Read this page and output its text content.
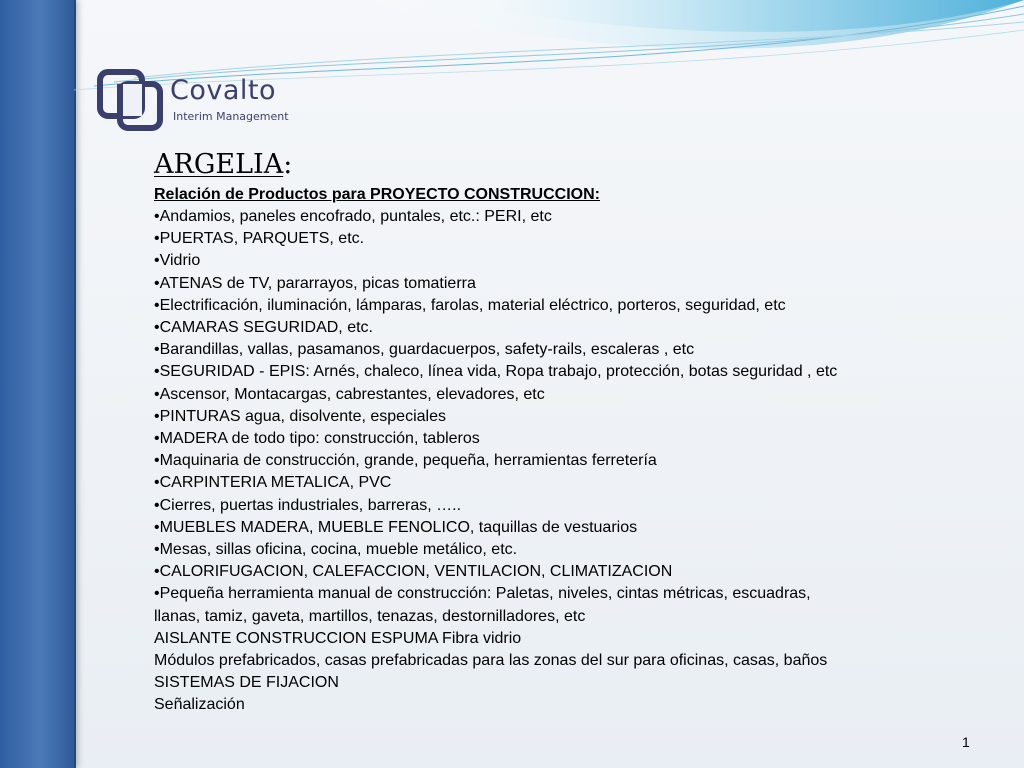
Covalto
Interim Management
ARGELIA:
Relación de Productos para PROYECTO CONSTRUCCION:
•Andamios, paneles encofrado, puntales, etc.: PERI, etc
•PUERTAS, PARQUETS, etc.
•Vidrio
•ATENAS de TV, pararrayos, picas tomatierra
•Electrificación, iluminación, lámparas, farolas, material eléctrico, porteros, seguridad, etc
•CAMARAS SEGURIDAD, etc.
•Barandillas, vallas, pasamanos, guardacuerpos, safety-rails, escaleras , etc
•SEGURIDAD - EPIS: Arnés, chaleco, línea vida, Ropa trabajo, protección, botas seguridad , etc
•Ascensor, Montacargas, cabrestantes, elevadores, etc
•PINTURAS agua, disolvente, especiales
•MADERA de todo tipo: construcción, tableros
•Maquinaria de construcción, grande, pequeña, herramientas ferretería
•CARPINTERIA METALICA, PVC
•Cierres, puertas industriales, barreras, …..
•MUEBLES MADERA, MUEBLE FENOLICO, taquillas de vestuarios
•Mesas, sillas oficina, cocina, mueble metálico, etc.
•CALORIFUGACION, CALEFACCION, VENTILACION, CLIMATIZACION
•Pequeña herramienta manual de construcción: Paletas, niveles, cintas métricas, escuadras,
llanas, tamiz, gaveta, martillos, tenazas, destornilladores, etc
AISLANTE CONSTRUCCION ESPUMA Fibra vidrio
Módulos prefabricados, casas prefabricadas para las zonas del sur para oficinas, casas, baños
SISTEMAS DE FIJACION
Señalización
1
